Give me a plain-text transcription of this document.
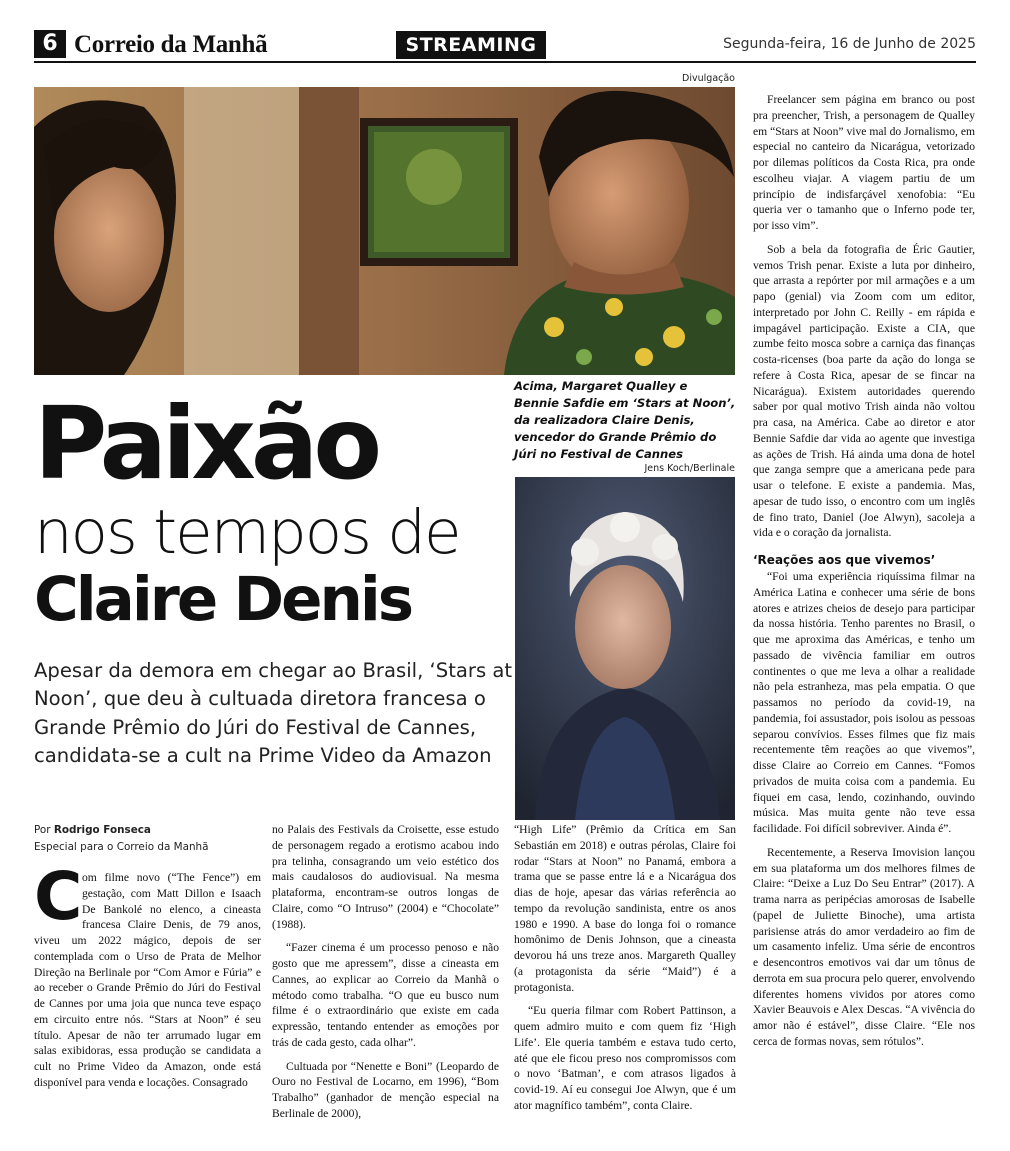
6 Correio da Manhã	STREAMING	Segunda-feira, 16 de Junho de 2025
Divulgação
Acima, Margaret Qualley e Bennie Safdie em ‘Stars at Noon’, da realizadora Claire Denis, vencedor do Grande Prêmio do Júri no Festival de Cannes
Jens Koch/Berlinale
Paixão
nos tempos de
Claire Denis
Apesar da demora em chegar ao Brasil, ‘Stars at Noon’, que deu à cultuada diretora francesa o Grande Prêmio do Júri do Festival de Cannes, candidata-se a cult na Prime Video da Amazon
Por Rodrigo Fonseca
Especial para o Correio da Manhã
C om filme novo (“The Fence”) em gestação, com Matt Dillon e Isaach De Bankolé no elenco, a cineasta francesa Claire Denis, de 79 anos, viveu um 2022 mágico, depois de ser contemplada com o Urso de Prata de Melhor Direção na Berlinale por “Com Amor e Fúria” e ao receber o Grande Prêmio do Júri do Festival de Cannes por uma joia que nunca teve espaço em circuito entre nós. “Stars at Noon” é seu título. Apesar de não ter arrumado lugar em salas exibidoras, essa produção se candidata a cult no Prime Video da Amazon, onde está disponível para venda e locações. Consagrado

no Palais des Festivals da Croisette, esse estudo de personagem regado a erotismo acabou indo pra telinha, consagrando um veio estético dos mais caudalosos do audiovisual. Na mesma plataforma, encontram-se outros longas de Claire, como “O Intruso” (2004) e “Chocolate” (1988).

“Fazer cinema é um processo penoso e não gosto que me apressem”, disse a cineasta em Cannes, ao explicar ao Correio da Manhã o método como trabalha. “O que eu busco num filme é o extraordinário que existe em cada expressão, tentando entender as emoções por trás de cada gesto, cada olhar”.

Cultuada por “Nenette e Boni” (Leopardo de Ouro no Festival de Locarno, em 1996), “Bom Trabalho” (ganhador de menção especial na Berlinale de 2000),

“High Life” (Prêmio da Crítica em San Sebastián em 2018) e outras pérolas, Claire foi rodar “Stars at Noon” no Panamá, embora a trama que se passe entre lá e a Nicarágua dos dias de hoje, apesar das várias referência ao tempo da revolução sandinista, entre os anos 1980 e 1990. A base do longa foi o romance homônimo de Denis Johnson, que a cineasta devorou há uns treze anos. Margareth Qualley (a protagonista da série “Maid”) é a protagonista.

“Eu queria filmar com Robert Pattinson, a quem admiro muito e com quem fiz ‘High Life’. Ele queria também e estava tudo certo, até que ele ficou preso nos compromissos com o novo ‘Batman’, e com atrasos ligados à covid-19. Aí eu consegui Joe Alwyn, que é um ator magnífico também”, conta Claire.

Freelancer sem página em branco ou post pra preencher, Trish, a personagem de Qualley em “Stars at Noon” vive mal do Jornalismo, em especial no canteiro da Nicarágua, vetorizado por dilemas políticos da Costa Rica, pra onde escolheu viajar. A viagem partiu de um princípio de indisfarçável xenofobia: “Eu queria ver o tamanho que o Inferno pode ter, por isso vim”.

Sob a bela da fotografia de Éric Gautier, vemos Trish penar. Existe a luta por dinheiro, que arrasta a repórter por mil armações e a um papo (genial) via Zoom com um editor, interpretado por John C. Reilly - em rápida e impagável participação. Existe a CIA, que zumbe feito mosca sobre a carniça das finanças costa-ricenses (boa parte da ação do longa se refere à Costa Rica, apesar de se fincar na Nicarágua). Existem autoridades querendo saber por qual motivo Trish ainda não voltou pra casa, na América. Cabe ao diretor e ator Bennie Safdie dar vida ao agente que investiga as ações de Trish. Há ainda uma dona de hotel que zanga sempre que a americana pede para usar o telefone. E existe a pandemia. Mas, apesar de tudo isso, o encontro com um inglês de fino trato, Daniel (Joe Alwyn), sacoleja a vida e o coração da jornalista.

‘Reações aos que vivemos’

“Foi uma experiência riquíssima filmar na América Latina e conhecer uma série de bons atores e atrizes cheios de desejo para participar da nossa história. Tenho parentes no Brasil, o que me aproxima das Américas, e tenho um passado de vivência familiar em outros continentes o que me leva a olhar a realidade não pela estranheza, mas pela empatia. O que passamos no período da covid-19, na pandemia, foi assustador, pois isolou as pessoas separou convívios. Esses filmes que fiz mais recentemente têm reações ao que vivemos”, disse Claire ao Correio em Cannes. “Fomos privados de muita coisa com a pandemia. Eu fiquei em casa, lendo, cozinhando, ouvindo música. Mas muita gente não teve essa facilidade. Foi difícil sobreviver. Ainda é”.

Recentemente, a Reserva Imovision lançou em sua plataforma um dos melhores filmes de Claire: “Deixe a Luz Do Seu Entrar” (2017). A trama narra as peripécias amorosas de Isabelle (papel de Juliette Binoche), uma artista parisiense atrás do amor verdadeiro ao fim de um casamento infeliz. Uma série de encontros e desencontros emotivos vai dar um tônus de derrota em sua procura pelo querer, envolvendo diferentes homens vividos por atores como Xavier Beauvois e Alex Descas. “A vivência do amor não é estável”, disse Claire. “Ele nos cerca de formas novas, sem rótulos”.
